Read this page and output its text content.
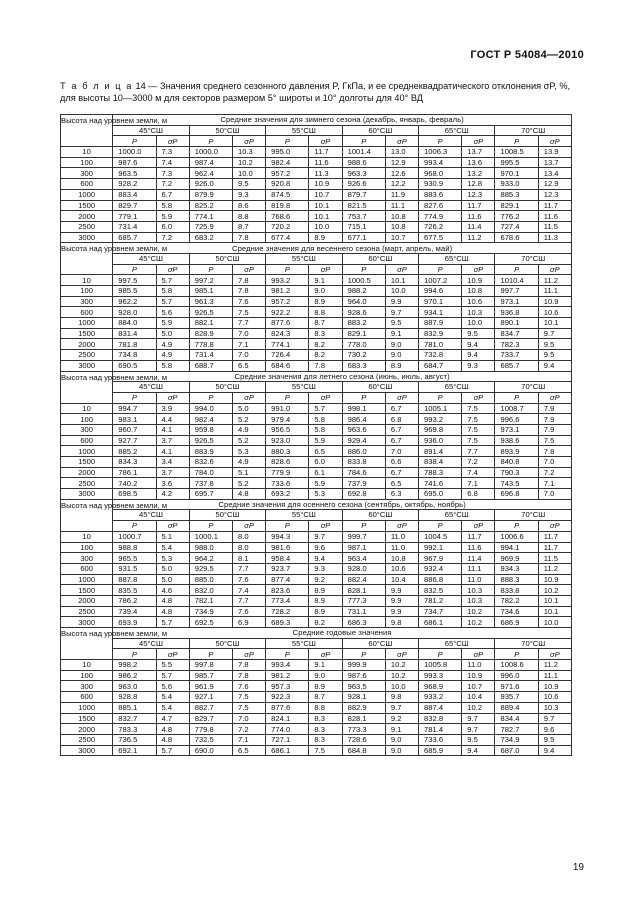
ГОСТ Р 54084—2010
Т а б л и ц а 14 — Значения среднего сезонного давления P, ГкПа, и ее среднеквадратического отклонения σP, %, для высоты 10—3000 м для секторов размером 5° широты и 10° долготы для 40° ВД
Высота над уровнем земли, м	Средние значения для зимнего сезона (декабрь, январь, февраль)											
	45°СШ		50°СШ		55°СШ		60°СШ		65°СШ		70°СШ	
	P	σP	P	σP	P	σP	P	σP	P	σP	P	σP
10	1000.0	7.3	1000.0	10.3	995.0	11.7	1001.4	13.0	1006.3	13.7	1008.5	13.9
100	987.6	7.4	987.4	10.2	982.4	11.6	988.6	12.9	993.4	13.6	995.5	13.7
300	963.5	7.3	962.4	10.0	957.2	11.3	963.3	12.6	968.0	13.2	970.1	13.4
600	928.2	7.2	926.0	9.5	920.8	10.9	926.6	12.2	930.9	12.8	933.0	12.9
1000	883.4	6.7	879.9	9.3	874.5	10.7	879.7	11.9	883.6	12.3	885.3	12.3
1500	829.7	5.8	825.2	8.6	819.8	10.1	821.5	11.1	827.6	11.7	829.1	11.7
2000	779.1	5.9	774.1	8.8	768.6	10.1	753.7	10.8	774.9	11.6	776.2	11.6
2500	731.4	6.0	725.9	8.7	720.2	10.0	715.1	10.8	726.2	11.4	727.4	11.5
3000	685.7	7.2	683.2	7.8	677.4	8.9	677.1	10.7	677.5	11.2	678.6	11.3
Высота над уровнем земли, м	Средние значения для весеннего сезона (март, апрель, май)											
	45°СШ		50°СШ		55°СШ		60°СШ		65°СШ		70°СШ	
	P	σP	P	σP	P	σP	P	σP	P	σP	P	σP
10	997.5	5.7	997.2	7.8	993.2	9.1	1000.5	10.1	1007.2	10.9	1010.4	11.2
100	985.5	5.8	985.1	7.8	981.2	9.0	988.2	10.0	994.6	10.8	997.7	11.1
300	962.2	5.7	961.3	7.6	957.2	8.9	964.0	9.9	970.1	10.6	973.1	10.9
600	928.0	5.6	926.5	7.5	922.2	8.8	928.6	9.7	934.1	10.3	936.8	10.6
1000	884.0	5.9	882.1	7.7	877.6	8.7	883.2	9.5	887.9	10.0	890.1	10.1
1500	831.4	5.0	828.9	7.0	824.3	8.3	829.1	9.1	832.9	9.5	834.7	9.7
2000	781.8	4.9	778.8	7.1	774.1	8.2	778.0	9.0	781.0	9.4	782.3	9.5
2500	734.8	4.9	731.4	7.0	726.4	8.2	730.2	9.0	732.8	9.4	733.7	9.5
3000	690.5	5.8	688.7	6.5	684.6	7.8	683.3	8.9	684.7	9.3	685.7	9.4
Высота над уровнем земли, м	Средние значения для летнего сезона (июнь, июль, август)											
	45°СШ		50°СШ		55°СШ		60°СШ		65°СШ		70°СШ	
	P	σP	P	σP	P	σP	P	σP	P	σP	P	σP
10	994.7	3.9	994.0	5.0	991.0	5.7	998.1	6.7	1005.1	7.5	1008.7	7.9
100	983.1	4.4	982.4	5.2	979.4	5.8	986.4	6.8	993.2	7.5	996.6	7.9
300	960.7	4.1	959.8	4.9	956.5	5.8	963.6	6.7	969.8	7.5	973.1	7.9
600	927.7	3.7	926.5	5.2	923.0	5.9	929.4	6.7	936.0	7.5	938.6	7.5
1000	885.2	4.1	883.9	5.3	880.3	6.5	886.0	7.0	891.4	7.7	893.9	7.8
1500	834.3	3.4	832.6	4.9	828.6	6.0	833.8	6.6	838.4	7.2	840.8	7.0
2000	786.1	3.7	784.0	5.1	779.9	6.1	784.6	6.7	788.3	7.4	790.3	7.2
2500	740.2	3.6	737.8	5.2	733.6	5.9	737.9	6.5	741.6	7.1	743.5	7.1
3000	698.5	4.2	695.7	4.8	693.2	5.3	692.8	6.3	695.0	6.8	696.8	7.0
Высота над уровнем земли, м	Средние значения для осеннего сезона (сентябрь, октябрь, ноябрь)											
	45°СШ		50°СШ		55°СШ		60°СШ		65°СШ		70°СШ	
	P	σP	P	σP	P	σP	P	σP	P	σP	P	σP
10	1000.7	5.1	1000.1	8.0	994.3	9.7	999.7	11.0	1004.5	11.7	1006.6	11.7
100	988.8	5.4	988.0	8.0	981.6	9.6	987.1	11.0	992.1	11.6	994.1	11.7
300	965.5	5.3	964.2	8.1	958.4	9.4	963.4	10.8	967.9	11.4	969.9	11.5
600	931.5	5.0	929.5	7.7	923.7	9.3	928.0	10.6	932.4	11.1	934.3	11.2
1000	887.8	5.0	885.0	7.6	877.4	9.2	882.4	10.4	886.8	11.0	888.3	10.9
1500	835.5	4.6	832.0	7.4	823.6	8.9	828.1	9.9	832.5	10.3	833.8	10.2
2000	786.2	4.8	782.1	7.7	773.4	8.9	777.3	9.9	781.2	10.3	782.2	10.1
2500	739.4	4.8	734.9	7.6	728.2	8.9	731.1	9.9	734.7	10.2	734.6	10.1
3000	693.9	5.7	692.5	6.9	689.3	8.2	686.3	9.8	686.1	10.2	686.9	10.0
Высота над уровнем земли, м	Средние годовые значения											
	45°СШ		50°СШ		55°СШ		60°СШ		65°СШ		70°СШ	
	P	σP	P	σP	P	σP	P	σP	P	σP	P	σP
10	998.2	5.5	997.8	7.8	993.4	9.1	999.9	10.2	1005.8	11.0	1008.6	11.2
100	986.2	5.7	985.7	7.8	981.2	9.0	987.6	10.2	993.3	10.9	996.0	11.1
300	963.0	5.6	961.9	7.6	957.3	8.9	963.5	10.0	968.9	10.7	971.6	10.9
600	928.8	5.4	927.1	7.5	922.3	8.7	928.1	9.8	933.2	10.4	935.7	10.6
1000	885.1	5.4	882.7	7.5	877.6	8.8	882.9	9.7	887.4	10.2	889.4	10.3
1500	832.7	4.7	829.7	7.0	824.1	8.3	828.1	9.2	832.8	9.7	834.4	9.7
2000	783.3	4.8	779.8	7.2	774.0	8.3	773.3	9.1	781.4	9.7	782.7	9.6
2500	736.5	4.8	732.5	7.1	727.1	8.3	728.6	9.0	733.6	9.5	734.9	9.5
3000	692.1	5.7	690.0	6.5	686.1	7.5	684.8	9.0	685.9	9.4	687.0	9.4
19
